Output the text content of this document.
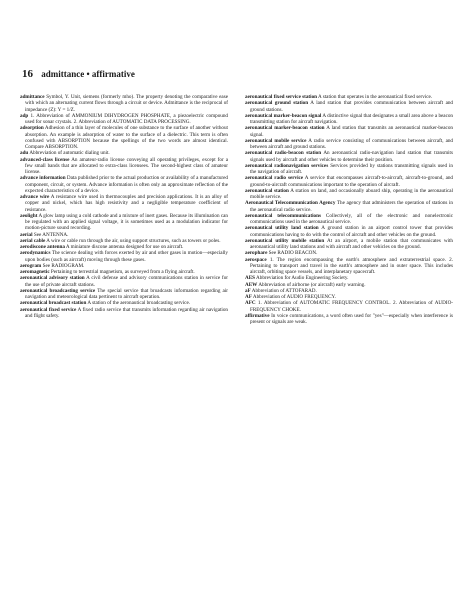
16 admittance • affirmative

admittance Symbol, Y. Unit, siemens (formerly mho). The property denoting the comparative ease with which an alternating current flows through a circuit or device. Admittance is the reciprocal of impedance (Z): Y = 1/Z.

adp 1. Abbreviation of AMMONIUM DIHYDROGEN PHOSPHATE, a piezoelectric compound used for sonar crystals. 2. Abbreviation of AUTOMATIC DATA PROCESSING.

adsorption Adhesion of a thin layer of molecules of one substance to the surface of another without absorption. An example is adsorption of water to the surface of a dielectric. This term is often confused with ABSORPTION because the spellings of the two words are almost identical. Compare ABSORPTION.

adu Abbreviation of automatic dialing unit.

advanced-class license An amateur-radio license conveying all operating privileges, except for a few small bands that are allocated to extra-class licensees. The second-highest class of amateur license.

advance information Data published prior to the actual production or availability of a manufactured component, circuit, or system. Advance information is often only an approximate reflection of the expected characteristics of a device.

advance wire A resistance wire used in thermocouples and precision applications. It is an alloy of copper and nickel, which has high resistivity and a negligible temperature coefficient of resistance.

aeolight A glow lamp using a cold cathode and a mixture of inert gases. Because its illumination can be regulated with an applied signal voltage, it is sometimes used as a modulation indicator for motion-picture sound recording.

aerial See ANTENNA.

aerial cable A wire or cable run through the air, using support structures, such as towers or poles.

aerodiscone antenna A miniature discone antenna designed for use on aircraft.

aerodynamics The science dealing with forces exerted by air and other gases in motion—especially upon bodies (such as aircraft) moving through these gases.

aerogram See RADIOGRAM.

aeromagnetic Pertaining to terrestrial magnetism, as surveyed from a flying aircraft.

aeronautical advisory station A civil defense and advisory communications station in service for the use of private aircraft stations.

aeronautical broadcasting service The special service that broadcasts information regarding air navigation and meteorological data pertinent to aircraft operation.

aeronautical broadcast station A station of the aeronautical broadcasting service.

aeronautical fixed service A fixed radio service that transmits information regarding air navigation and flight safety.

aeronautical fixed service station A station that operates in the aeronautical fixed service.

aeronautical ground station A land station that provides communication between aircraft and ground stations.

aeronautical marker-beacon signal A distinctive signal that designates a small area above a beacon transmitting station for aircraft navigation.

aeronautical marker-beacon station A land station that transmits an aeronautical marker-beacon signal.

aeronautical mobile service A radio service consisting of communications between aircraft, and between aircraft and ground stations.

aeronautical radio-beacon station An aeronautical radio-navigation land station that transmits signals used by aircraft and other vehicles to determine their position.

aeronautical radionavigation services Services provided by stations transmitting signals used in the navigation of aircraft.

aeronautical radio service A service that encompasses aircraft-to-aircraft, aircraft-to-ground, and ground-to-aircraft communications important to the operation of aircraft.

aeronautical station A station on land, and occasionally aboard ship, operating in the aeronautical mobile service.

Aeronautical Telecommunication Agency The agency that administers the operation of stations in the aeronautical radio service.

aeronautical telecommunications Collectively, all of the electronic and nonelectronic communications used in the aeronautical service.

aeronautical utility land station A ground station in an airport control tower that provides communications having to do with the control of aircraft and other vehicles on the ground.

aeronautical utility mobile station At an airport, a mobile station that communicates with aeronautical utility land stations and with aircraft and other vehicles on the ground.

aerophare See RADIO BEACON.

aerospace 1. The region encompassing the earth's atmosphere and extraterrestrial space. 2. Pertaining to transport and travel in the earth's atmosphere and in outer space. This includes aircraft, orbiting space vessels, and interplanetary spacecraft.

AES Abbreviation for Audio Engineering Society.

AEW Abbreviation of airborne (or aircraft) early warning.

aF Abbreviation of ATTOFARAD.

AF Abbreviation of AUDIO FREQUENCY.

AFC 1. Abbreviation of AUTOMATIC FREQUENCY CONTROL. 2. Abbreviation of AUDIO-FREQUENCY CHOKE.

affirmative In voice communications, a word often used for "yes"—especially when interference is present or signals are weak.
